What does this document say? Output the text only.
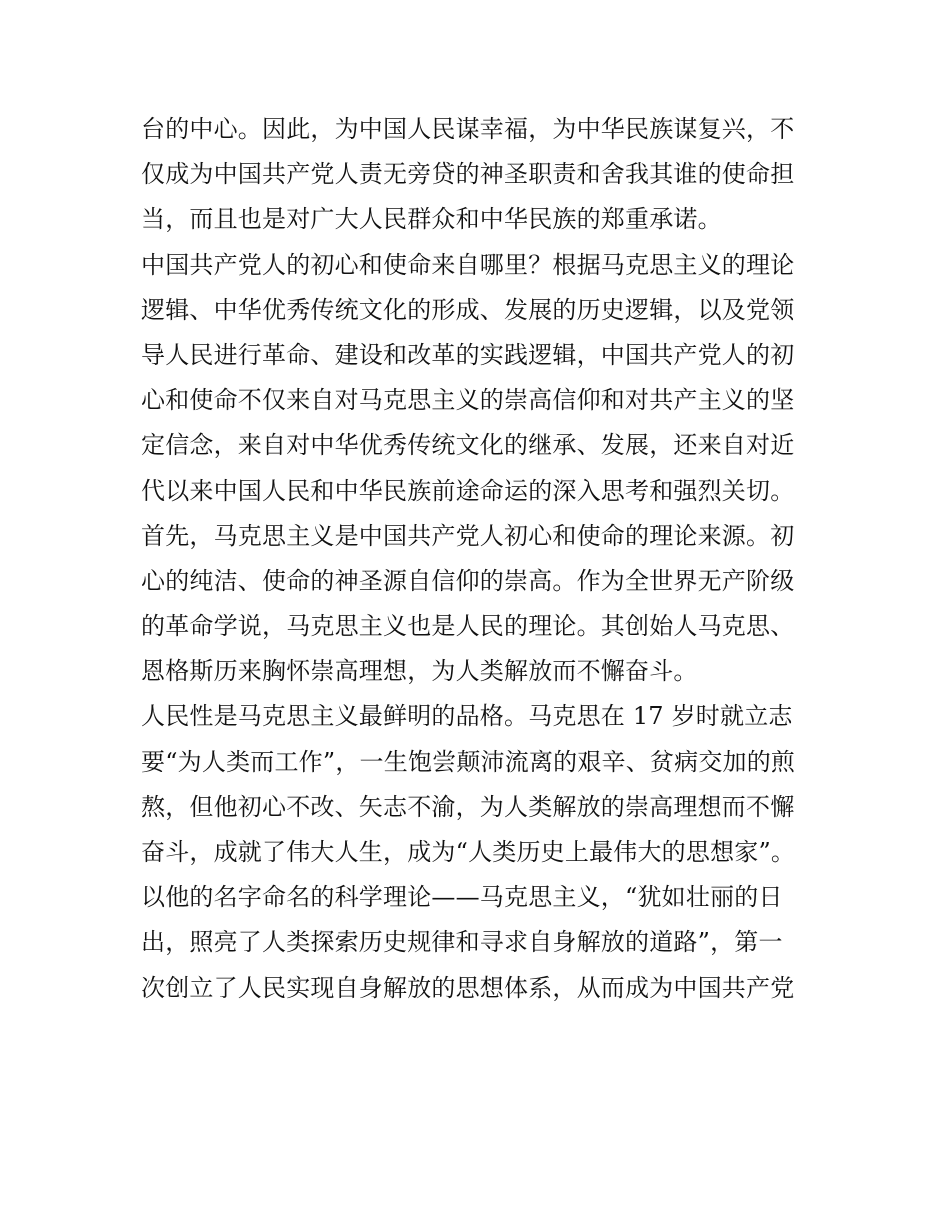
台的中心。因此，为中国人民谋幸福，为中华民族谋复兴，不
仅成为中国共产党人责无旁贷的神圣职责和舍我其谁的使命担
当，而且也是对广大人民群众和中华民族的郑重承诺。
中国共产党人的初心和使命来自哪里？根据马克思主义的理论
逻辑、中华优秀传统文化的形成、发展的历史逻辑，以及党领
导人民进行革命、建设和改革的实践逻辑，中国共产党人的初
心和使命不仅来自对马克思主义的崇高信仰和对共产主义的坚
定信念，来自对中华优秀传统文化的继承、发展，还来自对近
代以来中国人民和中华民族前途命运的深入思考和强烈关切。
首先，马克思主义是中国共产党人初心和使命的理论来源。初
心的纯洁、使命的神圣源自信仰的崇高。作为全世界无产阶级
的革命学说，马克思主义也是人民的理论。其创始人马克思、
恩格斯历来胸怀崇高理想，为人类解放而不懈奋斗。
人民性是马克思主义最鲜明的品格。马克思在 17 岁时就立志
要“为人类而工作”，一生饱尝颠沛流离的艰辛、贫病交加的煎
熬，但他初心不改、矢志不渝，为人类解放的崇高理想而不懈
奋斗，成就了伟大人生，成为“人类历史上最伟大的思想家”。
以他的名字命名的科学理论——马克思主义，“犹如壮丽的日
出，照亮了人类探索历史规律和寻求自身解放的道路”，第一
次创立了人民实现自身解放的思想体系，从而成为中国共产党
